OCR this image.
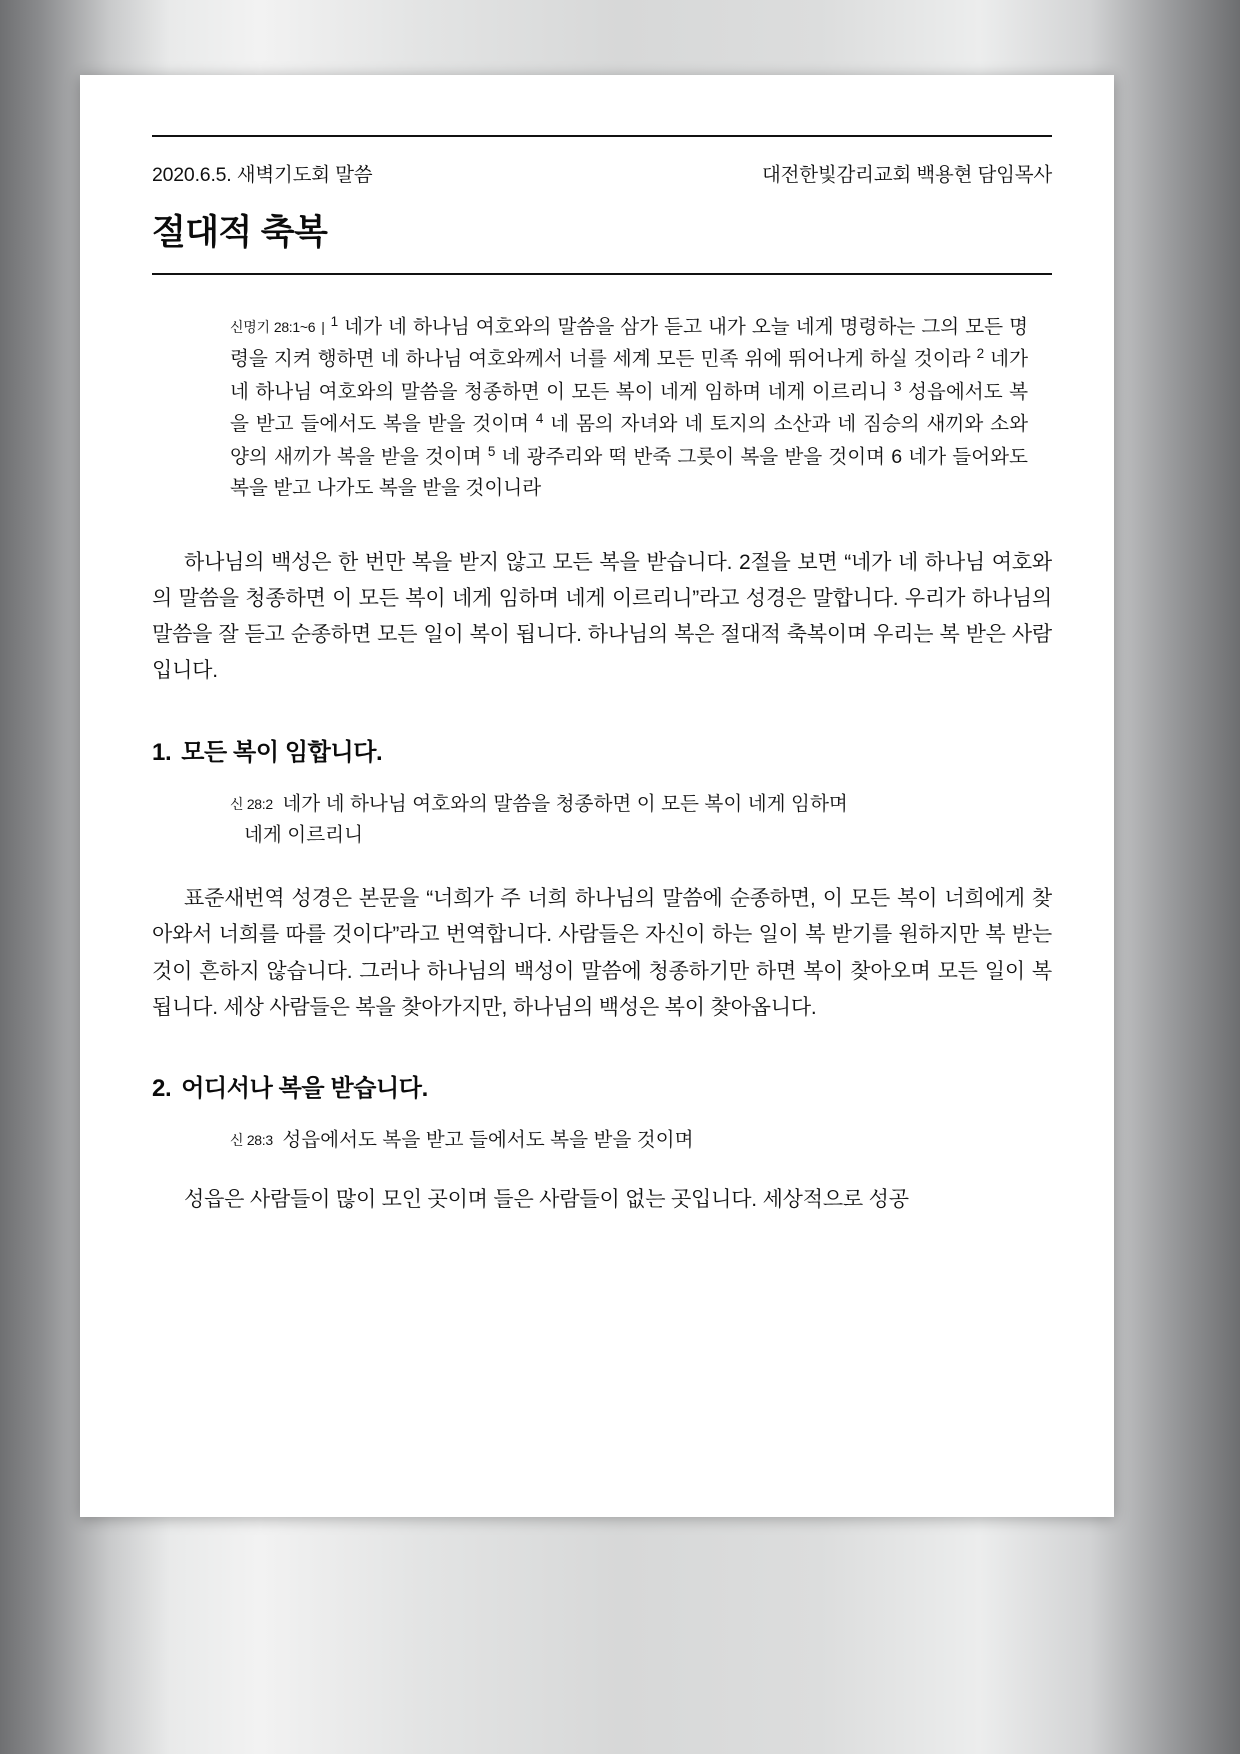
2020.6.5. 새벽기도회 말씀	대전한빛감리교회 백용현 담임목사
절대적 축복
신명기 28:1~6 | $^1$ 네가 네 하나님 여호와의 말씀을 삼가 듣고 내가 오늘 네게 명령하는 그의 모든 명령을 지켜 행하면 네 하나님 여호와께서 너를 세계 모든 민족 위에 뛰어나게 하실 것이라 $^2$ 네가 네 하나님 여호와의 말씀을 청종하면 이 모든 복이 네게 임하며 네게 이르리니 $^3$ 성읍에서도 복을 받고 들에서도 복을 받을 것이며 $^4$ 네 몸의 자녀와 네 토지의 소산과 네 짐승의 새끼와 소와 양의 새끼가 복을 받을 것이며 $^5$ 네 광주리와 떡 반죽 그릇이 복을 받을 것이며 6 네가 들어와도 복을 받고 나가도 복을 받을 것이니라
하나님의 백성은 한 번만 복을 받지 않고 모든 복을 받습니다. 2절을 보면 “네가 네 하나님 여호와의 말씀을 청종하면 이 모든 복이 네게 임하며 네게 이르리니”라고 성경은 말합니다. 우리가 하나님의 말씀을 잘 듣고 순종하면 모든 일이 복이 됩니다. 하나님의 복은 절대적 축복이며 우리는 복 받은 사람입니다.
1. 모든 복이 임합니다.
신 28:2 네가 네 하나님 여호와의 말씀을 청종하면 이 모든 복이 네게 임하며
네게 이르리니
표준새번역 성경은 본문을 “너희가 주 너희 하나님의 말씀에 순종하면, 이 모든 복이 너희에게 찾아와서 너희를 따를 것이다”라고 번역합니다. 사람들은 자신이 하는 일이 복 받기를 원하지만 복 받는 것이 흔하지 않습니다. 그러나 하나님의 백성이 말씀에 청종하기만 하면 복이 찾아오며 모든 일이 복 됩니다. 세상 사람들은 복을 찾아가지만, 하나님의 백성은 복이 찾아옵니다.
2. 어디서나 복을 받습니다.
신 28:3 성읍에서도 복을 받고 들에서도 복을 받을 것이며
성읍은 사람들이 많이 모인 곳이며 들은 사람들이 없는 곳입니다. 세상적으로 성공
